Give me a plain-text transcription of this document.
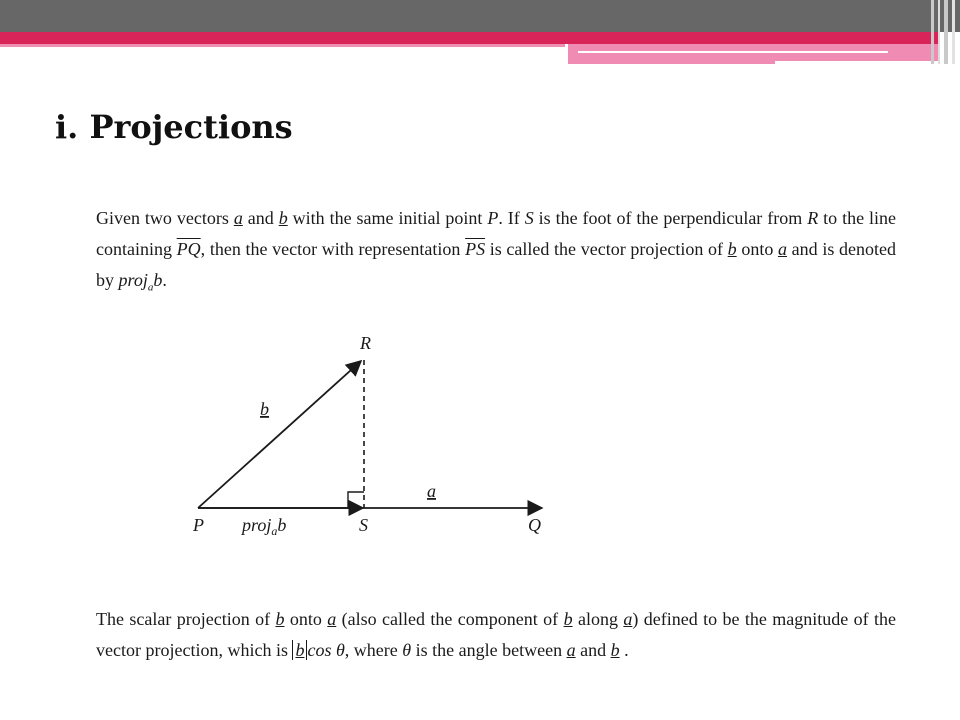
i. Projections

Given two vectors a and b with the same initial point P. If S is the foot of the perpendicular from R to the line containing $\overline{PQ}$, then the vector with representation $\overline{PS}$ is called the vector projection of b onto a and is denoted by proj$_a$b.

R
b
a
P	S	Q
proj$_a$b

The scalar projection of b onto a (also called the component of b along a) defined to be the magnitude of the vector projection, which is b cos θ, where θ is the angle between a and b .
